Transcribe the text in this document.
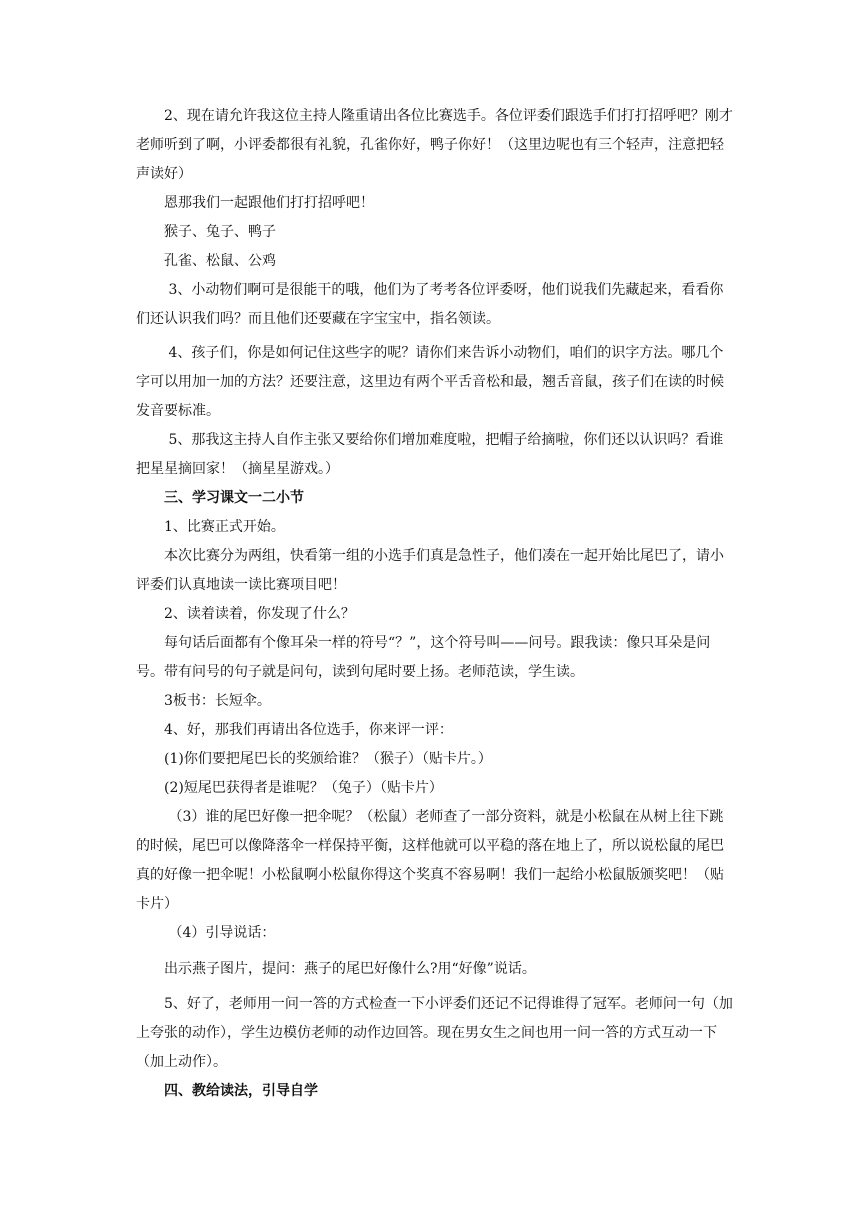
　　2、现在请允许我这位主持人隆重请出各位比赛选手。各位评委们跟选手们打打招呼吧？刚才老师听到了啊，小评委都很有礼貌，孔雀你好，鸭子你好！（这里边呢也有三个轻声，注意把轻声读好）

　　恩那我们一起跟他们打打招呼吧！

　　猴子、兔子、鸭子

　　孔雀、松鼠、公鸡

　　 3、小动物们啊可是很能干的哦，他们为了考考各位评委呀，他们说我们先藏起来，看看你们还认识我们吗？而且他们还要藏在字宝宝中，指名领读。

　　 4、孩子们，你是如何记住这些字的呢？请你们来告诉小动物们，咱们的识字方法。哪几个字可以用加一加的方法？还要注意，这里边有两个平舌音松和最，翘舌音鼠，孩子们在读的时候发音要标准。

　　 5、那我这主持人自作主张又要给你们增加难度啦，把帽子给摘啦，你们还以认识吗？看谁把星星摘回家！（摘星星游戏。）

　　三、学习课文一二小节

　　1、比赛正式开始。

　　本次比赛分为两组，快看第一组的小选手们真是急性子，他们凑在一起开始比尾巴了，请小评委们认真地读一读比赛项目吧！

　　2、读着读着，你发现了什么？

　　每句话后面都有个像耳朵一样的符号“？”，这个符号叫——问号。跟我读：像只耳朵是问号。带有问号的句子就是问句，读到句尾时要上扬。老师范读，学生读。

　　3板书：长短伞。

　　4、好，那我们再请出各位选手，你来评一评：

　　(1)你们要把尾巴长的奖颁给谁？（猴子）（贴卡片。）

　　(2)短尾巴获得者是谁呢？（兔子）（贴卡片）

　　 （3）谁的尾巴好像一把伞呢？（松鼠）老师查了一部分资料，就是小松鼠在从树上往下跳的时候，尾巴可以像降落伞一样保持平衡，这样他就可以平稳的落在地上了，所以说松鼠的尾巴真的好像一把伞呢！小松鼠啊小松鼠你得这个奖真不容易啊！我们一起给小松鼠版颁奖吧！（贴卡片）

　　 （4）引导说话：

　　出示燕子图片，提问：燕子的尾巴好像什么?用“好像”说话。

　　5、好了，老师用一问一答的方式检查一下小评委们还记不记得谁得了冠军。老师问一句（加上夸张的动作），学生边模仿老师的动作边回答。现在男女生之间也用一问一答的方式互动一下（加上动作）。

　　四、教给读法，引导自学
